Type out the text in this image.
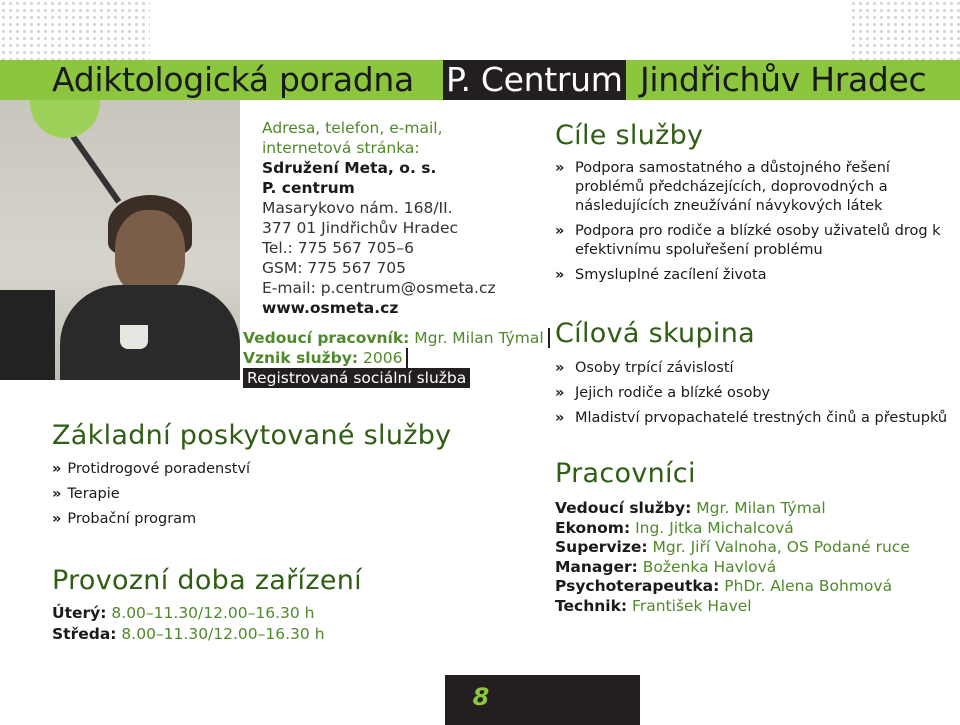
Adiktologická poradna P. Centrum Jindřichův Hradec
Adresa, telefon, e-mail,
internetová stránka:
Sdružení Meta, o. s.
P. centrum
Masarykovo nám. 168/II.
377 01 Jindřichův Hradec
Tel.: 775 567 705–6
GSM: 775 567 705
E-mail: p.centrum@osmeta.cz
www.osmeta.cz
Vedoucí pracovník: Mgr. Milan Týmal
Vznik služby: 2006
Registrovaná sociální služba
Základní poskytované služby
» Protidrogové poradenství
» Terapie
» Probační program
Provozní doba zařízení
Úterý: 8.00–11.30/12.00–16.30 h
Středa: 8.00–11.30/12.00–16.30 h
Cíle služby
» Podpora samostatného a důstojného řešení problémů předcházejících, doprovodných a následujících zneužívání návykových látek
» Podpora pro rodiče a blízké osoby uživatelů drog k efektivnímu spoluřešení problému
» Smysluplné zacílení života
Cílová skupina
» Osoby trpící závislostí
» Jejich rodiče a blízké osoby
» Mladiství prvopachatelé trestných činů a přestupků
Pracovníci
Vedoucí služby: Mgr. Milan Týmal
Ekonom: Ing. Jitka Michalcová
Supervize: Mgr. Jiří Valnoha, OS Podané ruce
Manager: Boženka Havlová
Psychoterapeutka: PhDr. Alena Bohmová
Technik: František Havel
8
